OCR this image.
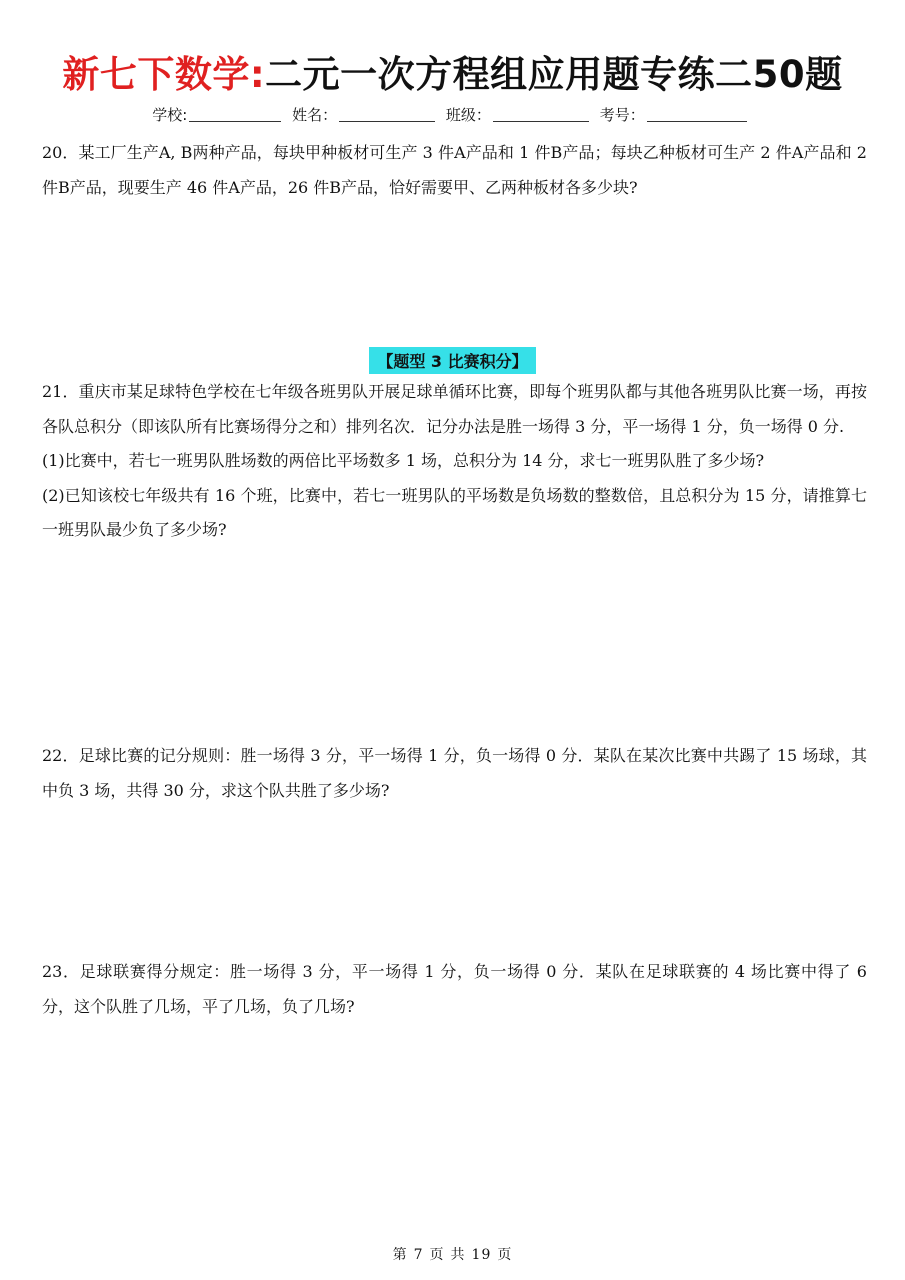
新七下数学:二元一次方程组应用题专练二50题
学校:	姓名：	班级：	考号：

20．某工厂生产A, B两种产品，每块甲种板材可生产 3 件A产品和 1 件B产品；每块乙种板材可生产 2 件A产品和 2 件B产品，现要生产 46 件A产品，26 件B产品，恰好需要甲、乙两种板材各多少块?

【题型 3 比赛积分】

21．重庆市某足球特色学校在七年级各班男队开展足球单循环比赛，即每个班男队都与其他各班男队比赛一场，再按各队总积分（即该队所有比赛场得分之和）排列名次．记分办法是胜一场得 3 分，平一场得 1 分，负一场得 0 分.

(1)比赛中，若七一班男队胜场数的两倍比平场数多 1 场，总积分为 14 分，求七一班男队胜了多少场?

(2)已知该校七年级共有 16 个班，比赛中，若七一班男队的平场数是负场数的整数倍，且总积分为 15 分，请推算七一班男队最少负了多少场?

22．足球比赛的记分规则：胜一场得 3 分，平一场得 1 分，负一场得 0 分．某队在某次比赛中共踢了 15 场球，其中负 3 场，共得 30 分，求这个队共胜了多少场?

23．足球联赛得分规定：胜一场得 3 分，平一场得 1 分，负一场得 0 分．某队在足球联赛的 4 场比赛中得了 6 分，这个队胜了几场，平了几场，负了几场?

第 7 页 共 19 页
